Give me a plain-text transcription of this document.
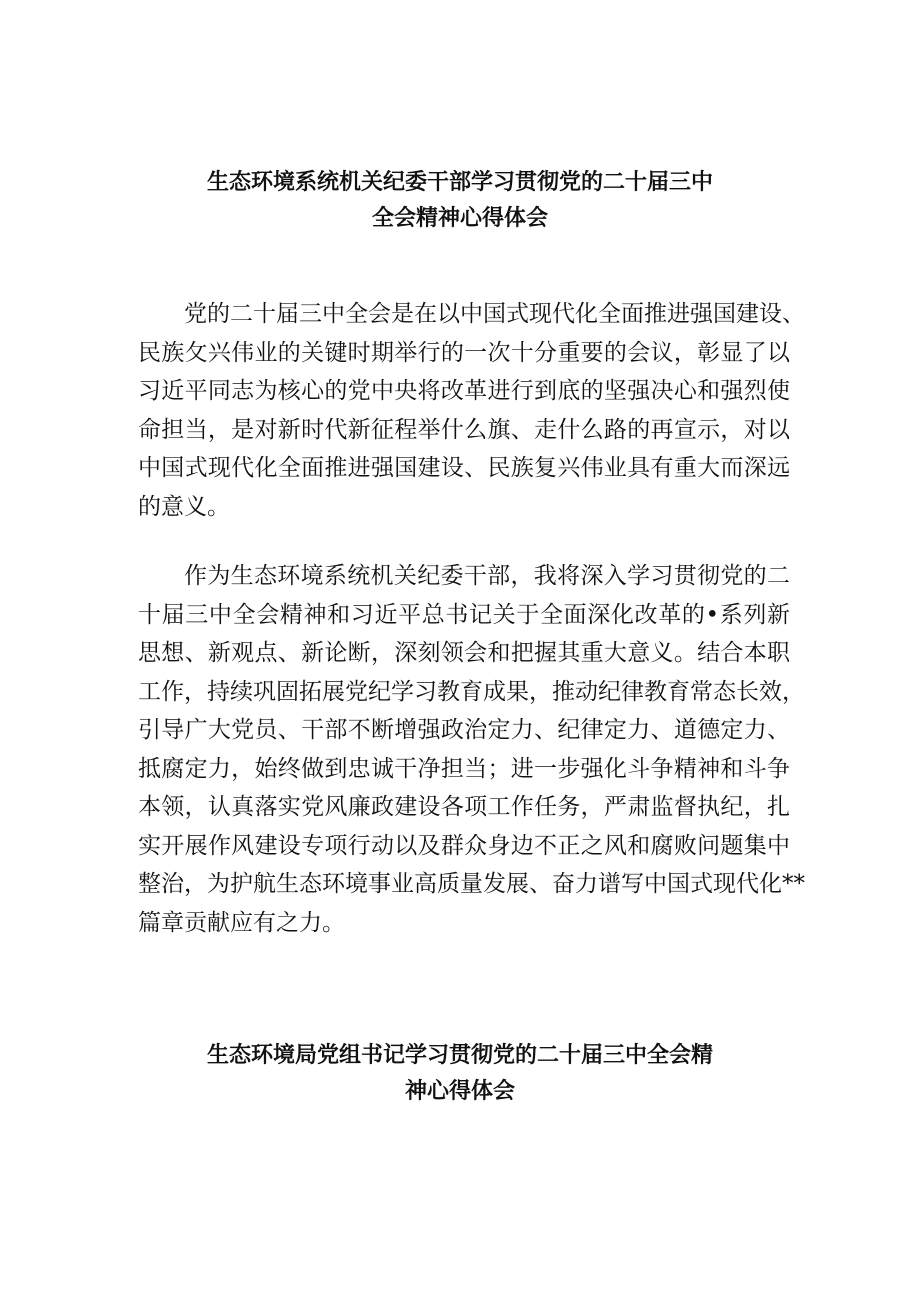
生态环境系统机关纪委干部学习贯彻党的二十届三中
全会精神心得体会
党的二十届三中全会是在以中国式现代化全面推进强国建设、
民族攵兴伟业的关键时期举行的一次十分重要的会议，彰显了以
习近平同志为核心的党中央将改革进行到底的坚强决心和强烈使
命担当，是对新时代新征程举什么旗、走什么路的再宣示，对以
中国式现代化全面推进强国建设、民族复兴伟业具有重大而深远
的意义。
作为生态环境系统机关纪委干部，我将深入学习贯彻党的二
十届三中全会精神和习近平总书记关于全面深化改革的•系列新
思想、新观点、新论断，深刻领会和把握其重大意义。结合本职
工作，持续巩固拓展党纪学习教育成果，推动纪律教育常态长效，
引导广大党员、干部不断增强政治定力、纪律定力、道德定力、
抵腐定力，始终做到忠诚干净担当；进一步强化斗争精神和斗争
本领，认真落实党风廉政建设各项工作任务，严肃监督执纪，扎
实开展作风建设专项行动以及群众身边不正之风和腐败问题集中
整治，为护航生态环境事业高质量发展、奋力谱写中国式现代化**
篇章贡献应有之力。
生态环境局党组书记学习贯彻党的二十届三中全会精
神心得体会
